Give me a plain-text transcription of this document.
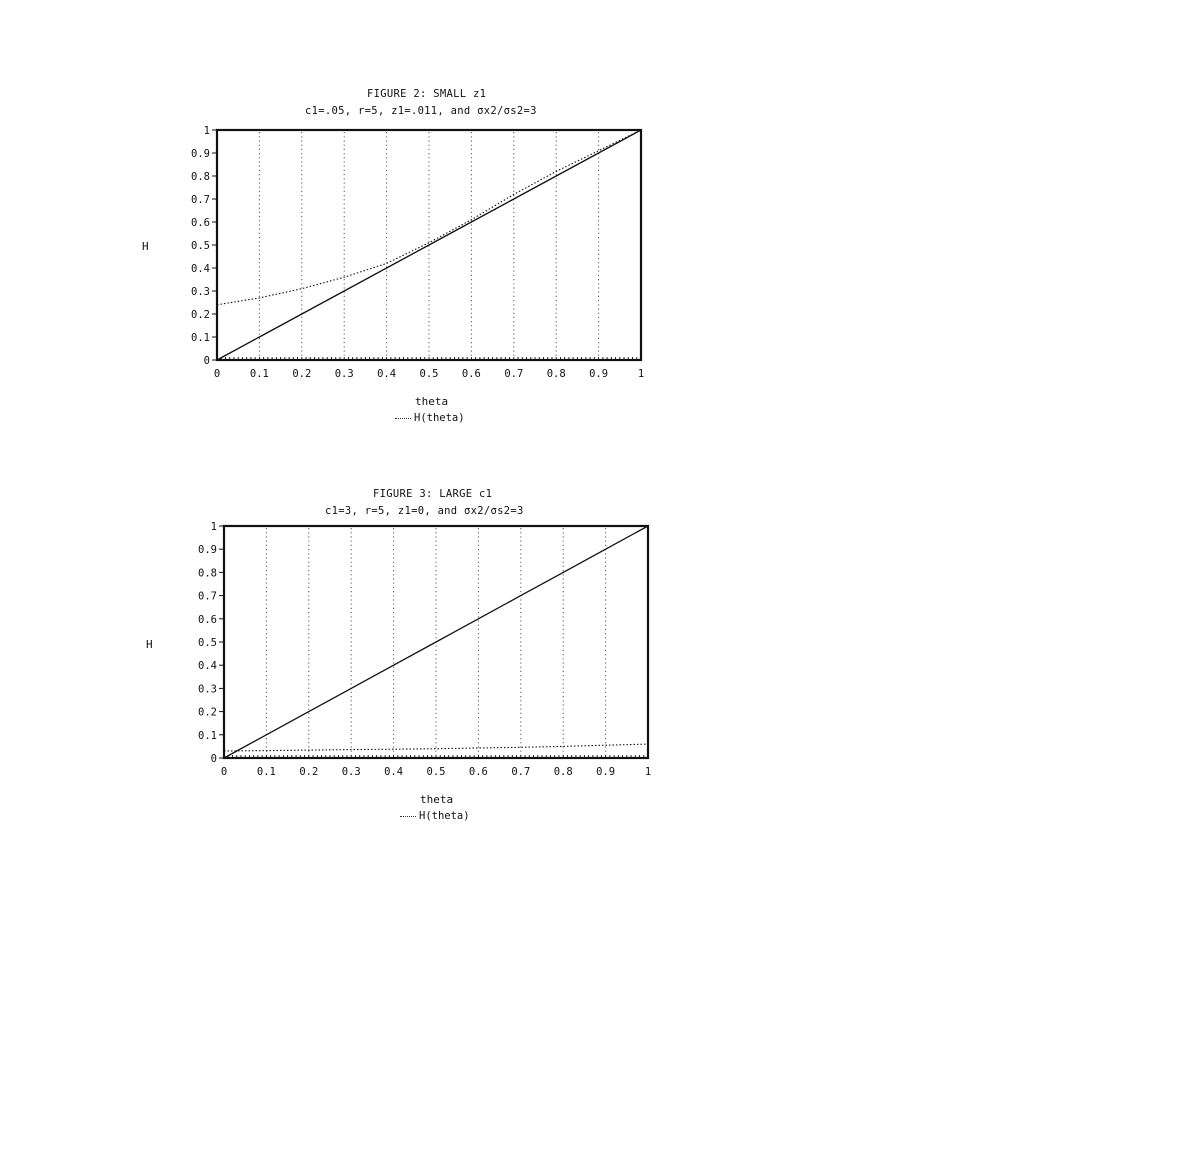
FIGURE 2: SMALL z1
c1=.05, r=5, z1=.011, and σx2/σs2=3
H
0	0.1 0.2 0.3 0.4 0.5 0.6 0.7 0.8 0.9	1
0
0.1
0.2
0.3
0.4
0.5
0.6
0.7
0.8
0.9
1
theta
H(theta)
FIGURE 3: LARGE c1
c1=3, r=5, z1=0, and σx2/σs2=3
H
0	0.1 0.2 0.3 0.4 0.5 0.6 0.7 0.8 0.9	1
0
0.1
0.2
0.3
0.4
0.5
0.6
0.7
0.8
0.9
1
theta
H(theta)
